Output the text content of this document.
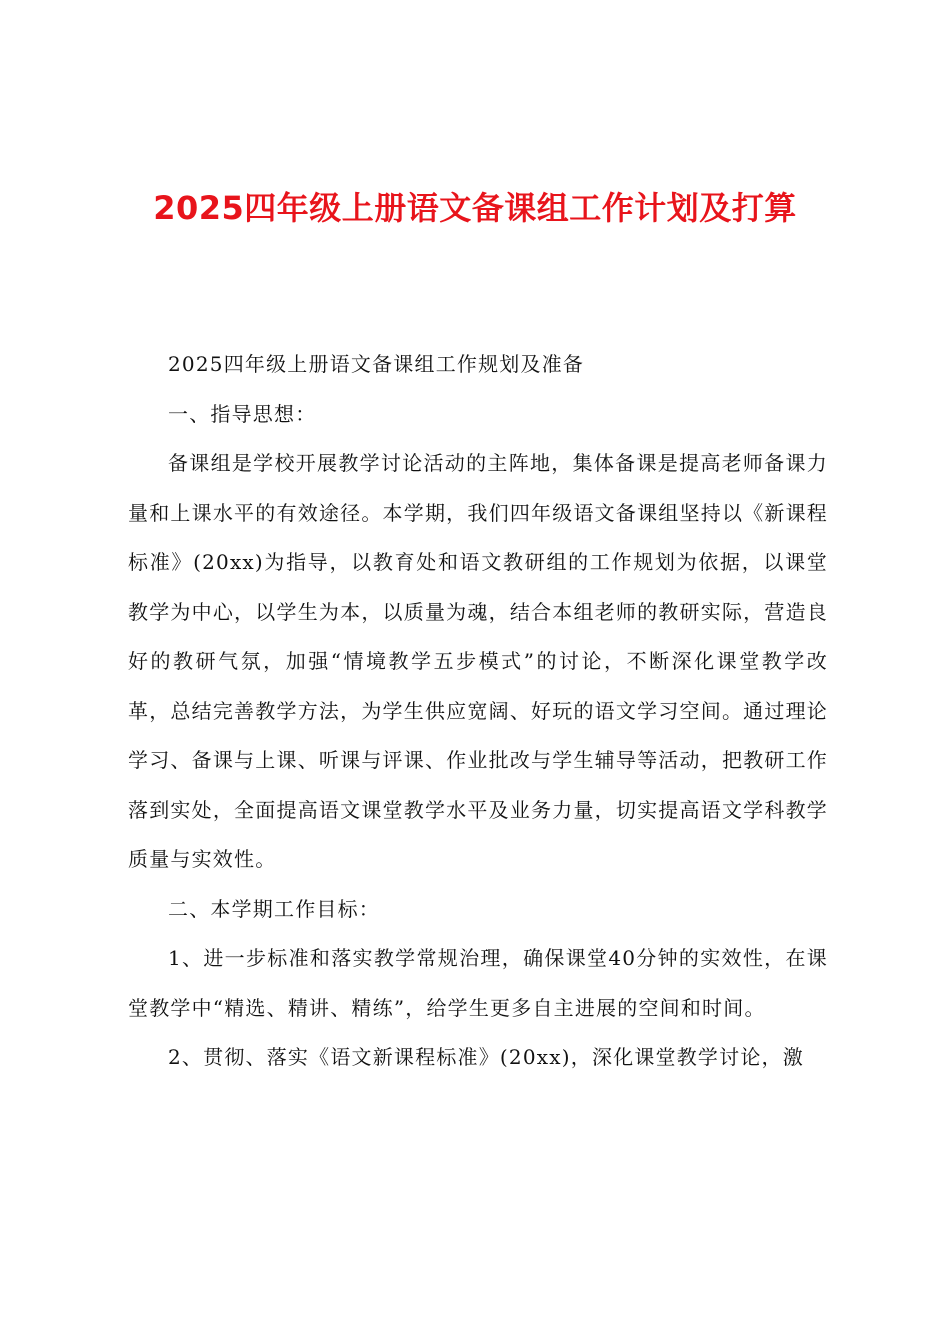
2025四年级上册语文备课组工作计划及打算

2025四年级上册语文备课组工作规划及准备

一、指导思想：

备课组是学校开展教学讨论活动的主阵地，集体备课是提高老师备课力量和上课水平的有效途径。本学期，我们四年级语文备课组坚持以《新课程标准》(20xx)为指导，以教育处和语文教研组的工作规划为依据，以课堂教学为中心，以学生为本，以质量为魂，结合本组老师的教研实际，营造良好的教研气氛，加强“情境教学五步模式”的讨论，不断深化课堂教学改革，总结完善教学方法，为学生供应宽阔、好玩的语文学习空间。通过理论学习、备课与上课、听课与评课、作业批改与学生辅导等活动，把教研工作落到实处，全面提高语文课堂教学水平及业务力量，切实提高语文学科教学质量与实效性。

二、本学期工作目标：

1、进一步标准和落实教学常规治理，确保课堂40分钟的实效性，在课堂教学中“精选、精讲、精练”，给学生更多自主进展的空间和时间。

2、贯彻、落实《语文新课程标准》(20xx)，深化课堂教学讨论，激
